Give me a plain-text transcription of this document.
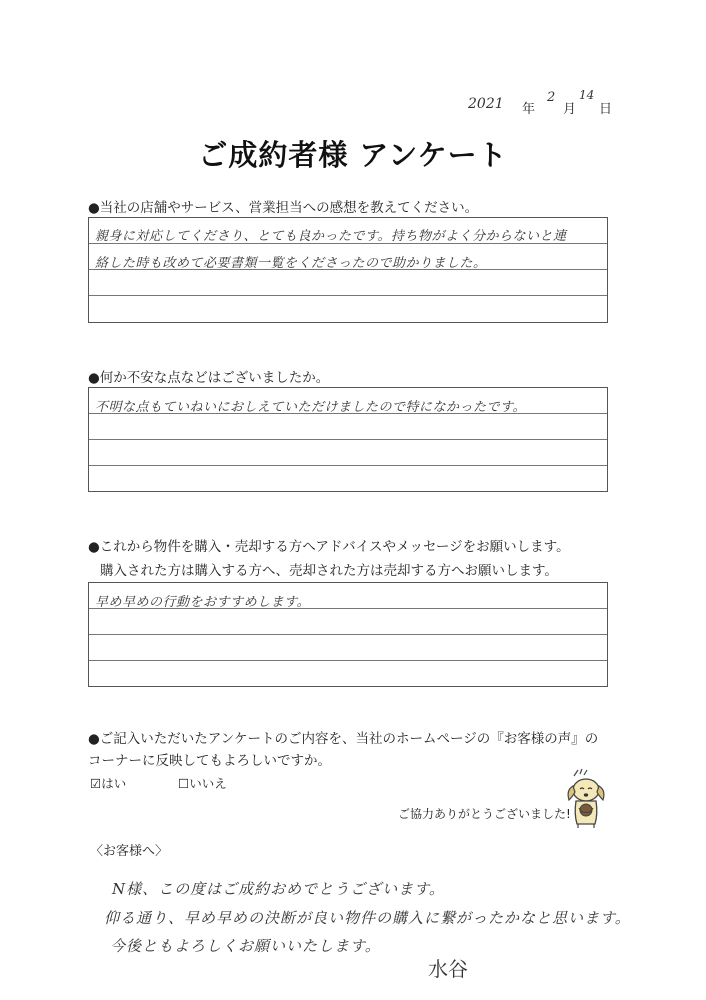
2021 年
2
月
14
日
ご成約者様 アンケート
●当社の店舗やサービス、営業担当への感想を教えてください。
親身に対応してくださり、とても良かったです。持ち物がよく分からないと連
絡した時も改めて必要書類一覧をくださったので助かりました。
●何か不安な点などはございましたか。
不明な点もていねいにおしえていただけましたので特になかったです。
●これから物件を購入・売却する方へアドバイスやメッセージをお願いします。
購入された方は購入する方へ、売却された方は売却する方へお願いします。
早め早めの行動をおすすめします。
●ご記入いただいたアンケートのご内容を、当社のホームページの『お客様の声』の
コーナーに反映してもよろしいですか。
☑はい	☐いいえ
ご協力ありがとうございました!
〈お客様へ〉
N様、この度はご成約おめでとうございます。
仰る通り、早め早めの決断が良い物件の購入に繋がったかなと思います。
今後ともよろしくお願いいたします。
水谷
